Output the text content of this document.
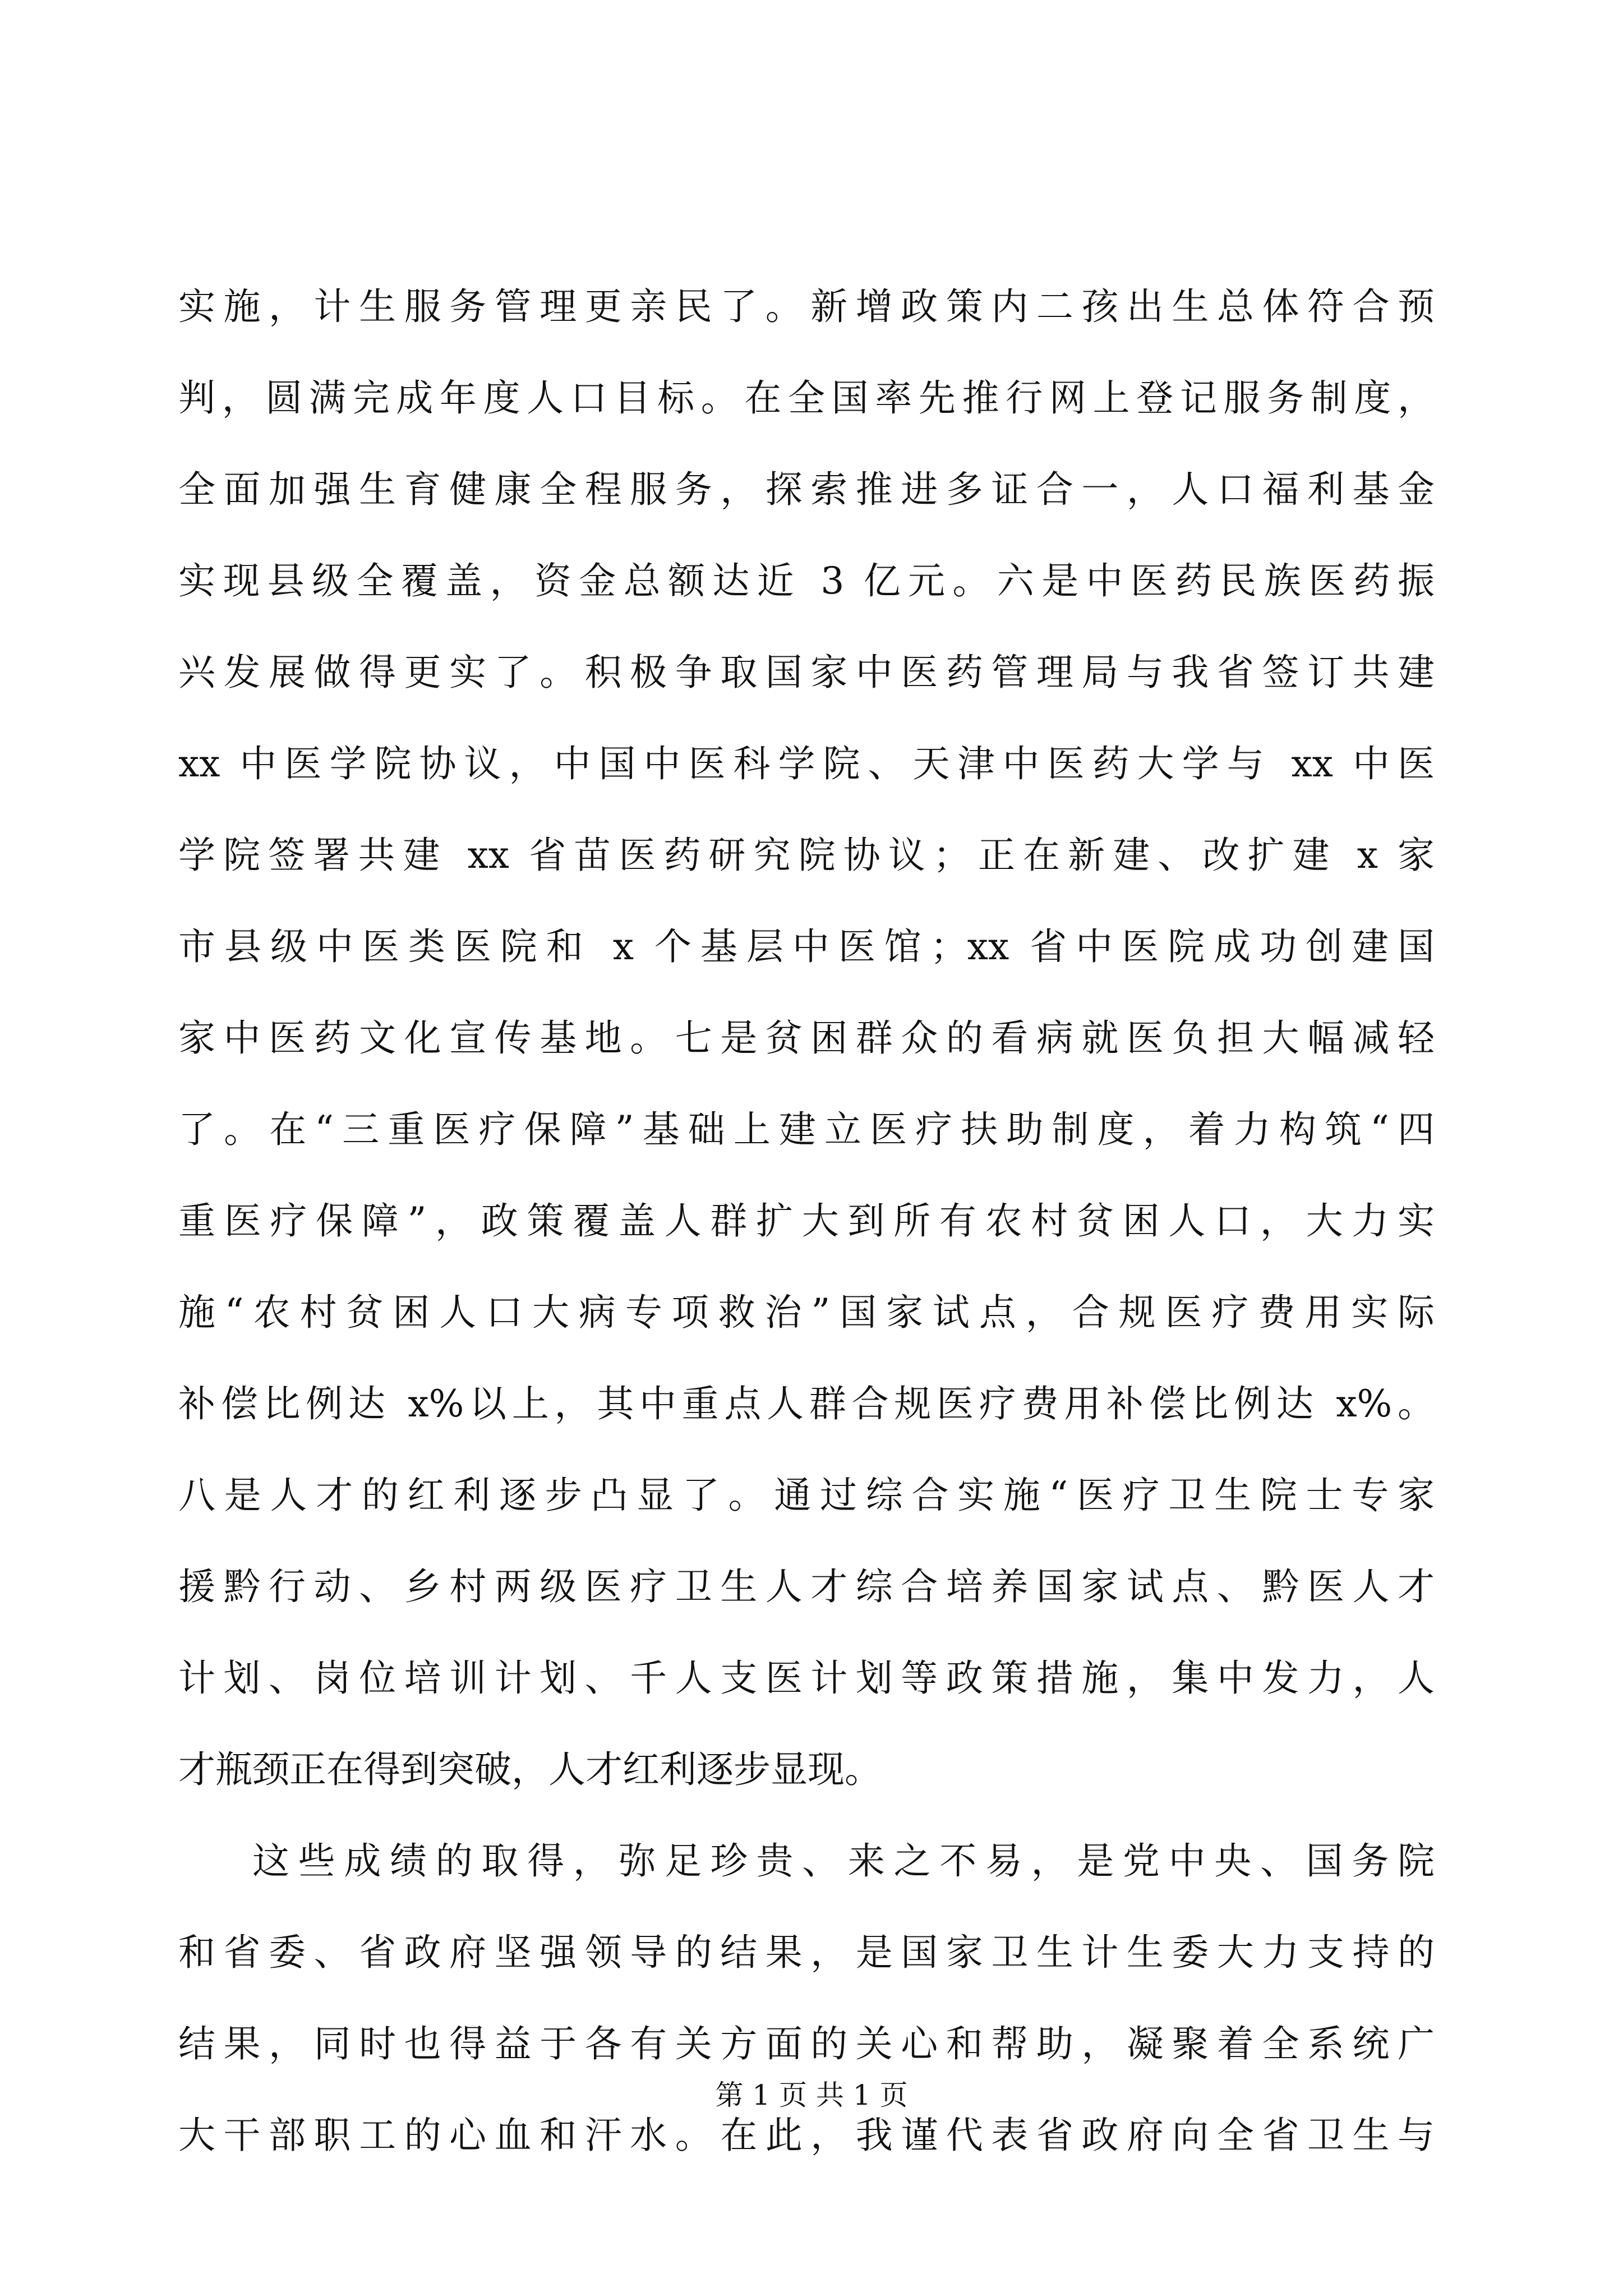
实施，计生服务管理更亲民了。新增政策内二孩出生总体符合预
判，圆满完成年度人口目标。在全国率先推行网上登记服务制度，
全面加强生育健康全程服务，探索推进多证合一，人口福利基金
实现县级全覆盖，资金总额达近 3 亿元。六是中医药民族医药振
兴发展做得更实了。积极争取国家中医药管理局与我省签订共建
xx 中医学院协议，中国中医科学院、天津中医药大学与 xx 中医
学院签署共建 xx 省苗医药研究院协议；正在新建、改扩建 x 家
市县级中医类医院和 x 个基层中医馆；xx 省中医院成功创建国
家中医药文化宣传基地。七是贫困群众的看病就医负担大幅减轻
了。在“三重医疗保障”基础上建立医疗扶助制度，着力构筑“四
重医疗保障”，政策覆盖人群扩大到所有农村贫困人口，大力实
施“农村贫困人口大病专项救治”国家试点，合规医疗费用实际
补偿比例达 x%以上，其中重点人群合规医疗费用补偿比例达 x%。
八是人才的红利逐步凸显了。通过综合实施“医疗卫生院士专家
援黔行动、乡村两级医疗卫生人才综合培养国家试点、黔医人才
计划、岗位培训计划、千人支医计划等政策措施，集中发力，人
才瓶颈正在得到突破，人才红利逐步显现。
这些成绩的取得，弥足珍贵、来之不易，是党中央、国务院
和省委、省政府坚强领导的结果，是国家卫生计生委大力支持的
结果，同时也得益于各有关方面的关心和帮助，凝聚着全系统广
大干部职工的心血和汗水。在此，我谨代表省政府向全省卫生与
第 1 页 共 1 页
